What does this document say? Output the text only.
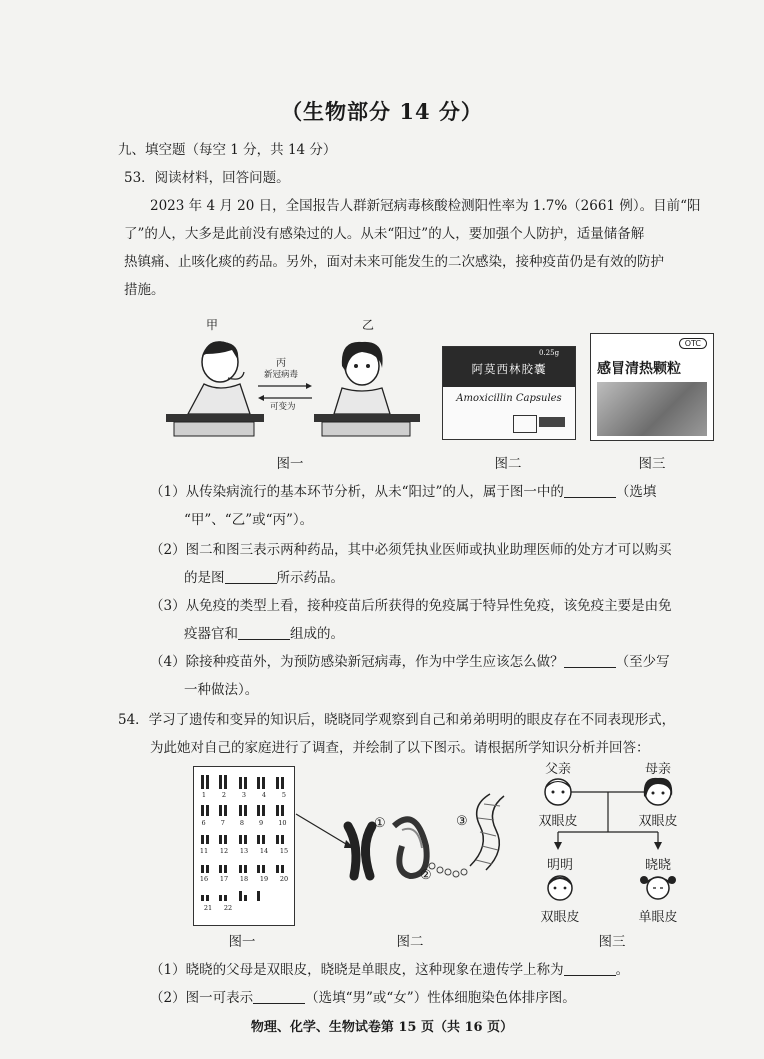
（生物部分 14 分）
九、填空题（每空 1 分，共 14 分）
53．阅读材料，回答问题。
2023 年 4 月 20 日，全国报告人群新冠病毒核酸检测阳性率为 1.7%（2661 例）。目前“阳
了”的人，大多是此前没有感染过的人。从未“阳过”的人，要加强个人防护，适量储备解
热镇痛、止咳化痰的药品。另外，面对未来可能发生的二次感染，接种疫苗仍是有效的防护
措施。
甲	乙
丙
新冠病毒
可变为
图一
0.25g
阿莫西林胶囊
Amoxicillin Capsules
图二
OTC
感冒清热颗粒
图三
（1）从传染病流行的基本环节分析，从未“阳过”的人，属于图一中的	（选填
“甲”、“乙”或“丙”）。
（2）图二和图三表示两种药品，其中必须凭执业医师或执业助理医师的处方才可以购买
的是图	所示药品。
（3）从免疫的类型上看，接种疫苗后所获得的免疫属于特异性免疫，该免疫主要是由免
疫器官和	组成的。
（4）除接种疫苗外，为预防感染新冠病毒，作为中学生应该怎么做？	（至少写
一种做法）。
54．学习了遗传和变异的知识后，晓晓同学观察到自己和弟弟明明的眼皮存在不同表现形式，
为此她对自己的家庭进行了调查，并绘制了以下图示。请根据所学知识分析并回答：
1 2 3 4 5
6 7 8 9 10
11 12 13 14 15
16 17 18 19 20
21 22
图一
①
②
③
图二
父亲	母亲
双眼皮	双眼皮
明明	晓晓
双眼皮	单眼皮
图三
（1）晓晓的父母是双眼皮，晓晓是单眼皮，这种现象在遗传学上称为	。
（2）图一可表示	（选填“男”或“女”）性体细胞染色体排序图。
物理、化学、生物试卷第 15 页（共 16 页）
